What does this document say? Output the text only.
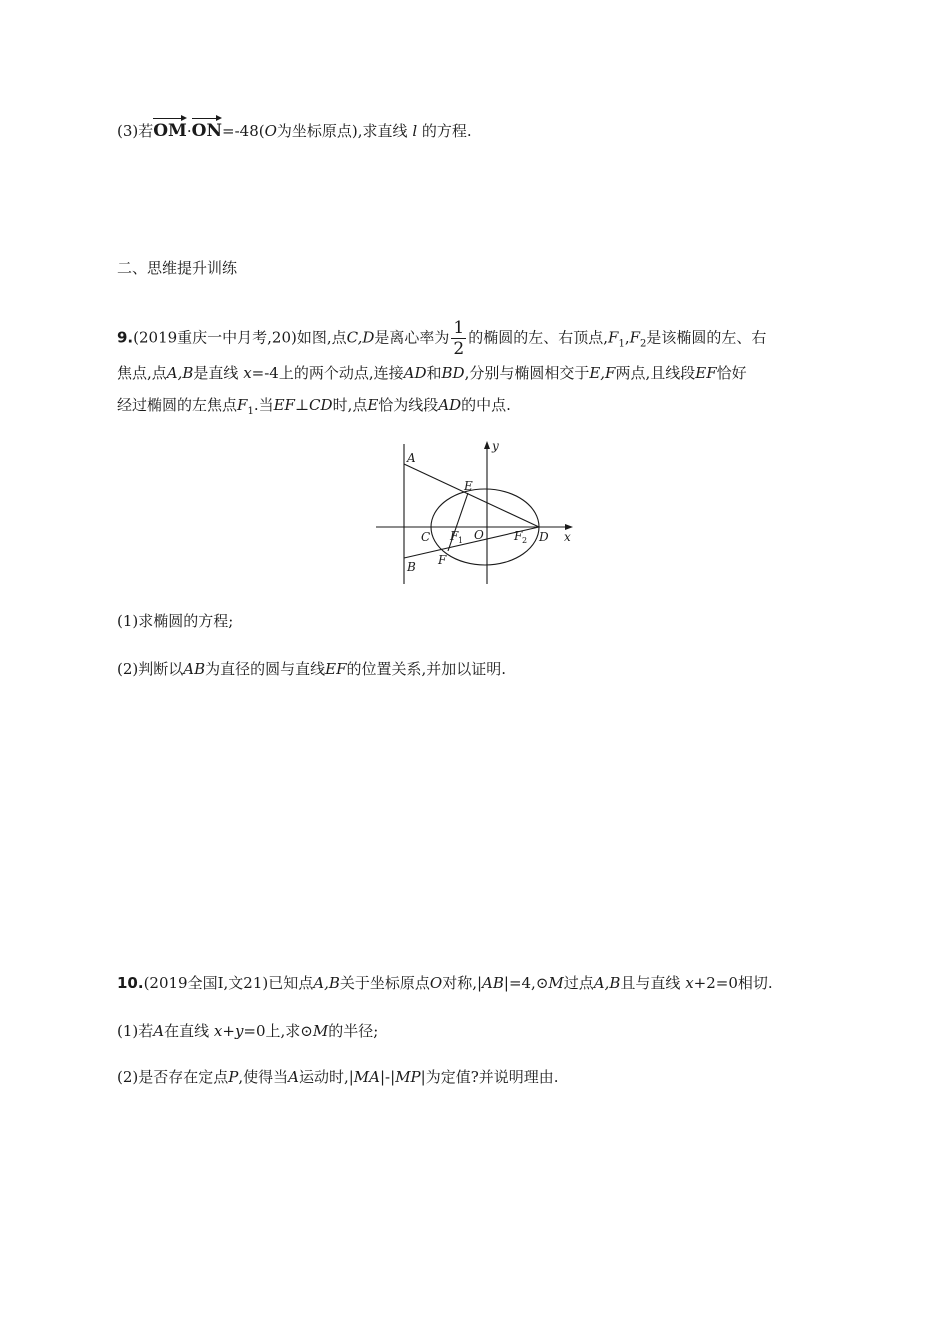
(3)若OM·ON=-48(O为坐标原点),求直线 l 的方程.
二、思维提升训练
9.(2019重庆一中月考,20)如图,点C,D是离心率为 $\frac{1}{2}$ 的椭圆的左、右顶点$,F_1,F_2$是该椭圆的左、右
焦点,点A,B是直线 x=-4上的两个动点,连接AD和BD,分别与椭圆相交于E,F两点,且线段EF恰好
经过椭圆的左焦点$F_1$.当EF⊥CD时,点E恰为线段AD的中点.
A
B
E
F
C	O	D x
y
F 1	F 2
(1)求椭圆的方程;
(2)判断以AB为直径的圆与直线EF的位置关系,并加以证明.
10.(2019全国Ⅰ,文21)已知点A,B关于坐标原点O对称,|AB|=4,⊙M过点A,B且与直线 x+2=0相切.
(1)若A在直线 x+y=0上,求⊙M的半径;
(2)是否存在定点P,使得当A运动时,|MA|-|MP|为定值?并说明理由.
